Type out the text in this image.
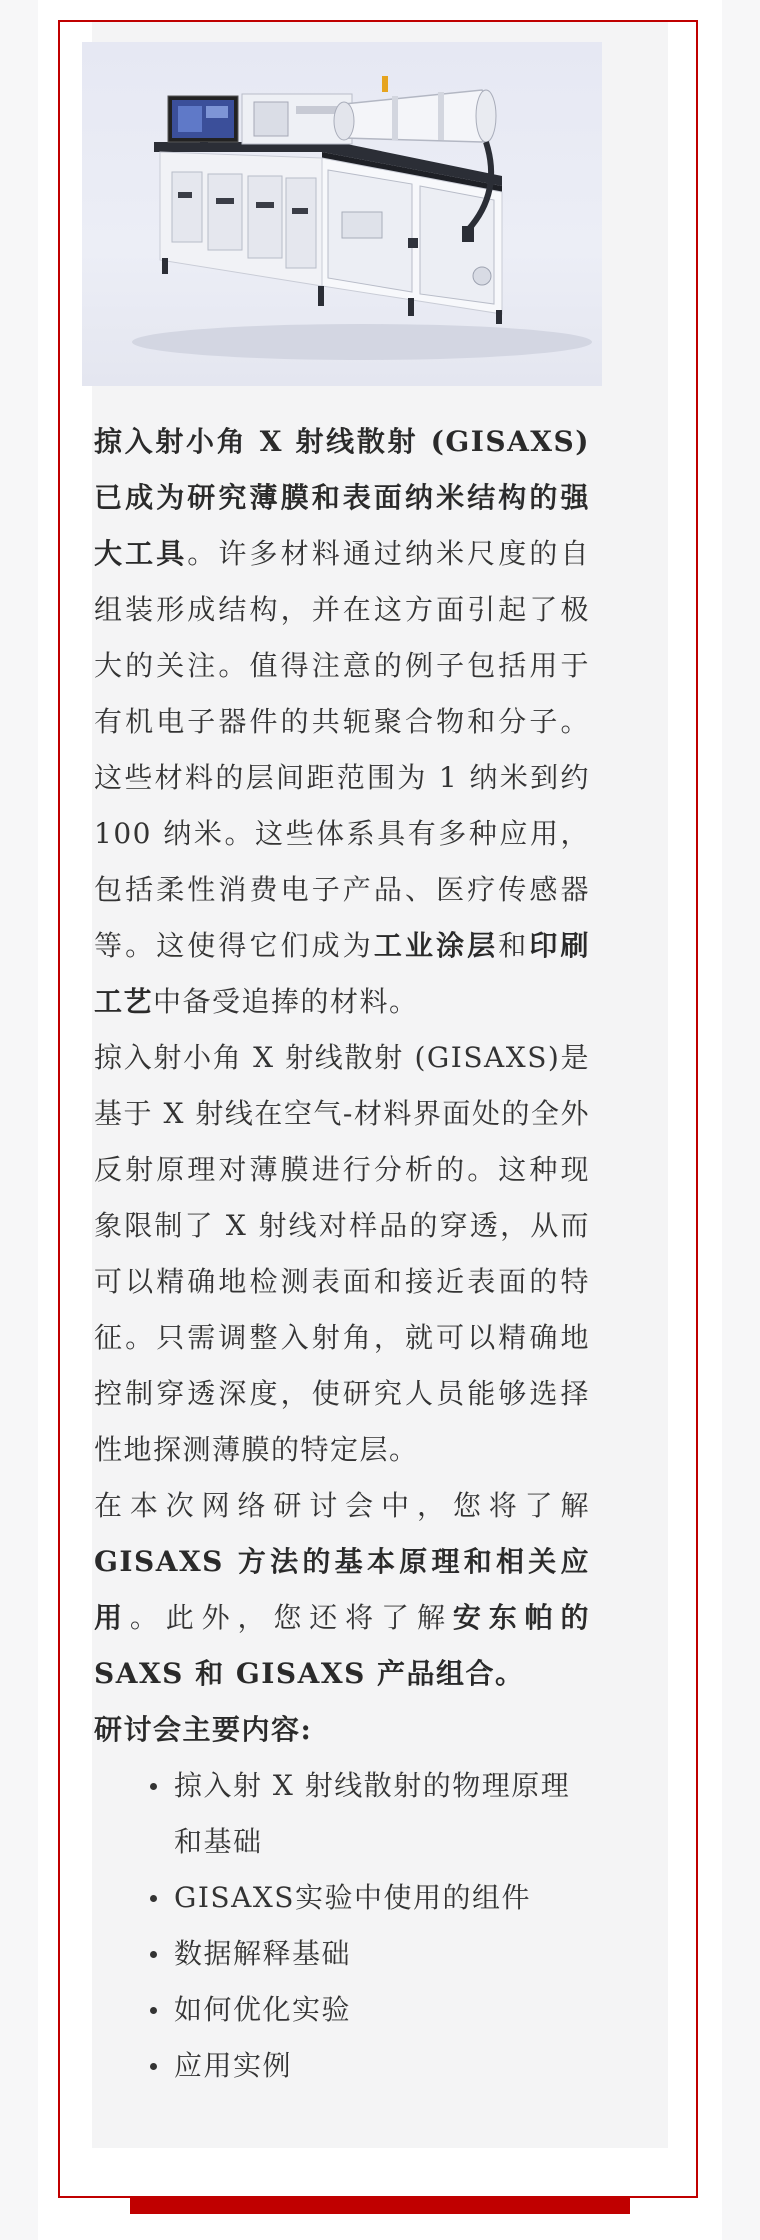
掠入射小角 X 射线散射 (GISAXS) 已成为研究薄膜和表面纳米结构的强大工具。许多材料通过纳米尺度的自组装形成结构，并在这方面引起了极大的关注。值得注意的例子包括用于有机电子器件的共轭聚合物和分子。这些材料的层间距范围为 1 纳米到约 100 纳米。这些体系具有多种应用，包括柔性消费电子产品、医疗传感器等。这使得它们成为工业涂层和印刷工艺中备受追捧的材料。

掠入射小角 X 射线散射 (GISAXS)是基于 X 射线在空气-材料界面处的全外反射原理对薄膜进行分析的。这种现象限制了 X 射线对样品的穿透，从而可以精确地检测表面和接近表面的特征。只需调整入射角，就可以精确地控制穿透深度，使研究人员能够选择性地探测薄膜的特定层。

在本次网络研讨会中，您将了解GISAXS 方法的基本原理和相关应用。此外，您还将了解安东帕的 SAXS 和 GISAXS 产品组合。

研讨会主要内容:

掠入射 X 射线散射的物理原理和基础
GISAXS实验中使用的组件
数据解释基础
如何优化实验
应用实例
